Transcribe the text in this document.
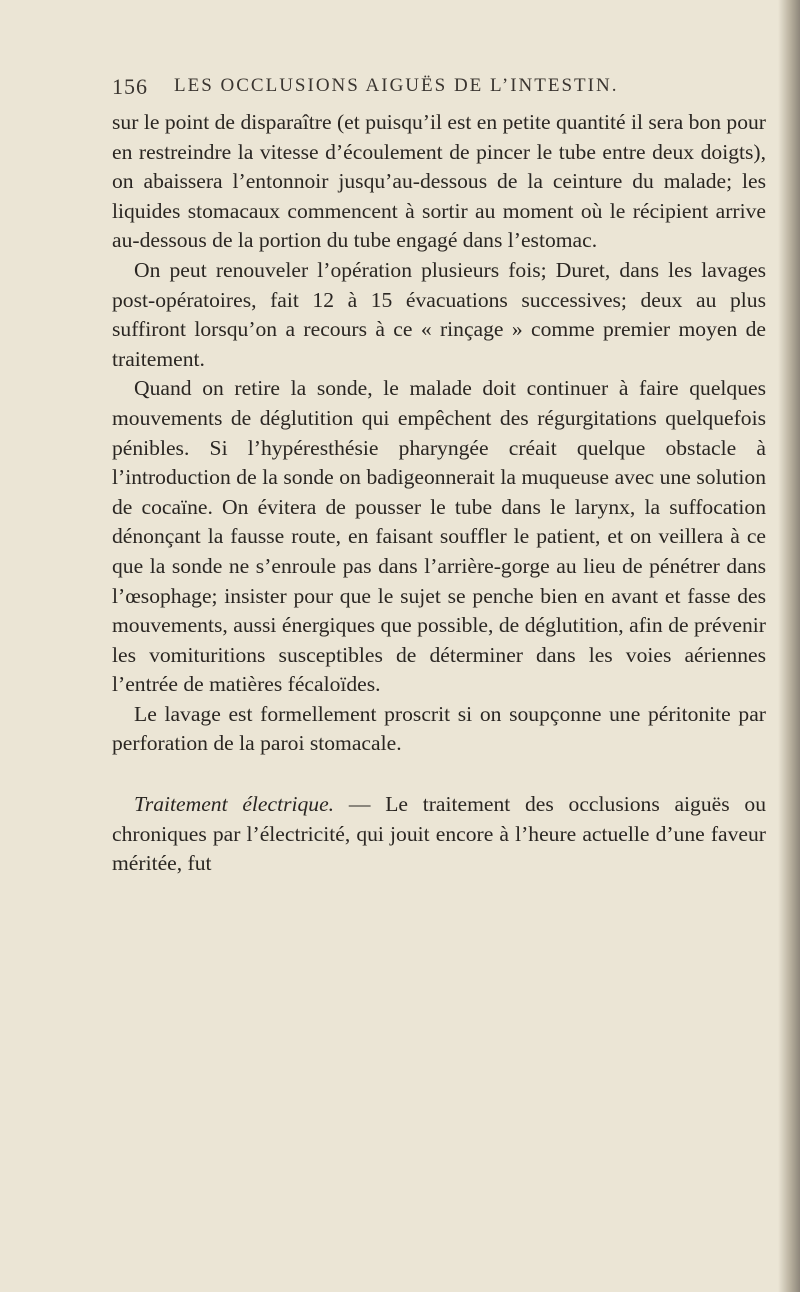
156 LES OCCLUSIONS AIGUËS DE L’INTESTIN.

sur le point de disparaître (et puisqu’il est en petite quantité il sera bon pour en restreindre la vitesse d’écoulement de pincer le tube entre deux doigts), on abaissera l’entonnoir jusqu’au-dessous de la ceinture du malade; les liquides stomacaux commencent à sortir au moment où le récipient arrive au-dessous de la portion du tube engagé dans l’estomac.

On peut renouveler l’opération plusieurs fois; Duret, dans les lavages post-opératoires, fait 12 à 15 évacuations successives; deux au plus suffiront lorsqu’on a recours à ce « rinçage » comme premier moyen de traitement.

Quand on retire la sonde, le malade doit continuer à faire quelques mouvements de déglutition qui empêchent des régurgitations quelquefois pénibles. Si l’hypéresthésie pharyngée créait quelque obstacle à l’introduction de la sonde on badigeonnerait la muqueuse avec une solution de cocaïne. On évitera de pousser le tube dans le larynx, la suffocation dénonçant la fausse route, en faisant souffler le patient, et on veillera à ce que la sonde ne s’enroule pas dans l’arrière-gorge au lieu de pénétrer dans l’œsophage; insister pour que le sujet se penche bien en avant et fasse des mouvements, aussi énergiques que possible, de déglutition, afin de prévenir les vomituritions susceptibles de déterminer dans les voies aériennes l’entrée de matières fécaloïdes.

Le lavage est formellement proscrit si on soupçonne une péritonite par perforation de la paroi stomacale.

Traitement électrique. — Le traitement des occlusions aiguës ou chroniques par l’électricité, qui jouit encore à l’heure actuelle d’une faveur méritée, fut
